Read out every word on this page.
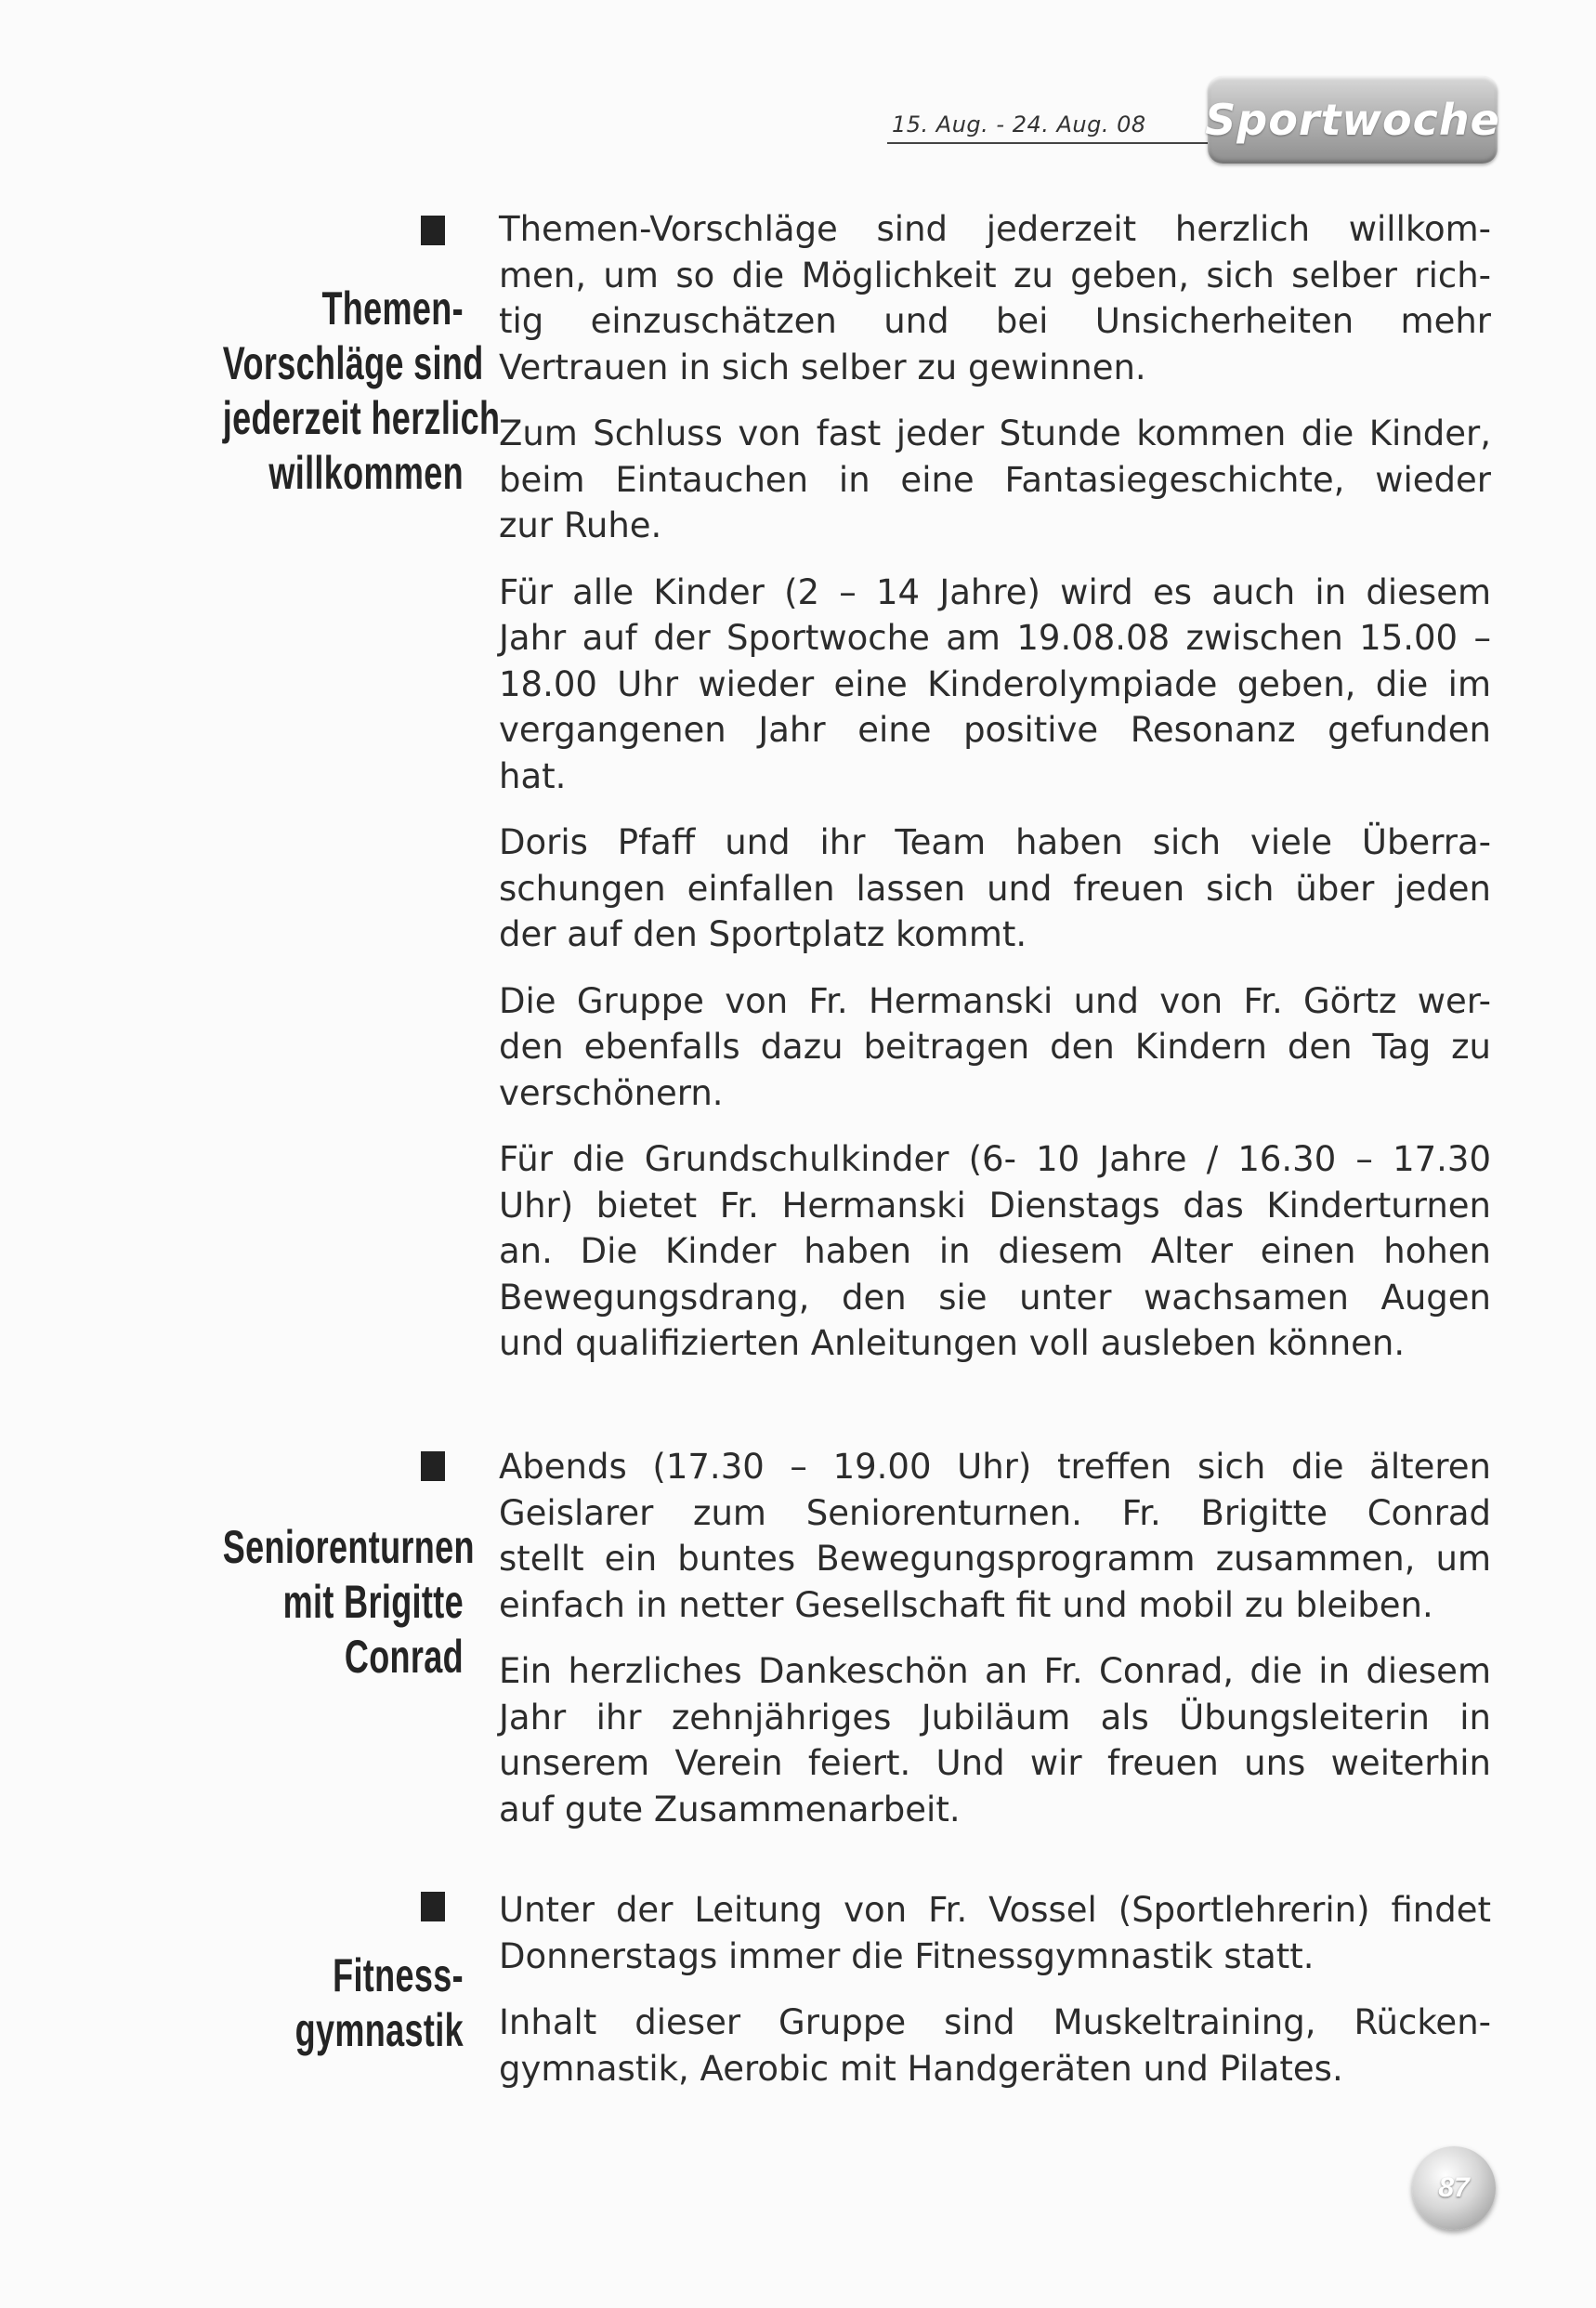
15. Aug. - 24. Aug. 08 Sportwoche
Themen-
Vorschläge sind
jederzeit herzlich
willkommen
Themen-Vorschläge sind jederzeit herzlich willkom-
men, um so die Möglichkeit zu geben, sich selber rich-
tig einzuschätzen und bei Unsicherheiten mehr
Vertrauen in sich selber zu gewinnen.
Zum Schluss von fast jeder Stunde kommen die Kinder,
beim Eintauchen in eine Fantasiegeschichte, wieder
zur Ruhe.
Für alle Kinder (2 – 14 Jahre) wird es auch in diesem
Jahr auf der Sportwoche am 19.08.08 zwischen 15.00 –
18.00 Uhr wieder eine Kinderolympiade geben, die im
vergangenen Jahr eine positive Resonanz gefunden
hat.
Doris Pfaff und ihr Team haben sich viele Überra-
schungen einfallen lassen und freuen sich über jeden
der auf den Sportplatz kommt.
Die Gruppe von Fr. Hermanski und von Fr. Görtz wer-
den ebenfalls dazu beitragen den Kindern den Tag zu
verschönern.
Für die Grundschulkinder (6- 10 Jahre / 16.30 – 17.30
Uhr) bietet Fr. Hermanski Dienstags das Kinderturnen
an. Die Kinder haben in diesem Alter einen hohen
Bewegungsdrang, den sie unter wachsamen Augen
und qualifizierten Anleitungen voll ausleben können.
Seniorenturnen
mit Brigitte
Conrad
Abends (17.30 – 19.00 Uhr) treffen sich die älteren
Geislarer zum Seniorenturnen. Fr. Brigitte Conrad
stellt ein buntes Bewegungsprogramm zusammen, um
einfach in netter Gesellschaft fit und mobil zu bleiben.
Ein herzliches Dankeschön an Fr. Conrad, die in diesem
Jahr ihr zehnjähriges Jubiläum als Übungsleiterin in
unserem Verein feiert. Und wir freuen uns weiterhin
auf gute Zusammenarbeit.
Fitness-
gymnastik
Unter der Leitung von Fr. Vossel (Sportlehrerin) findet
Donnerstags immer die Fitnessgymnastik statt.
Inhalt dieser Gruppe sind Muskeltraining, Rücken-
gymnastik, Aerobic mit Handgeräten und Pilates.
87
